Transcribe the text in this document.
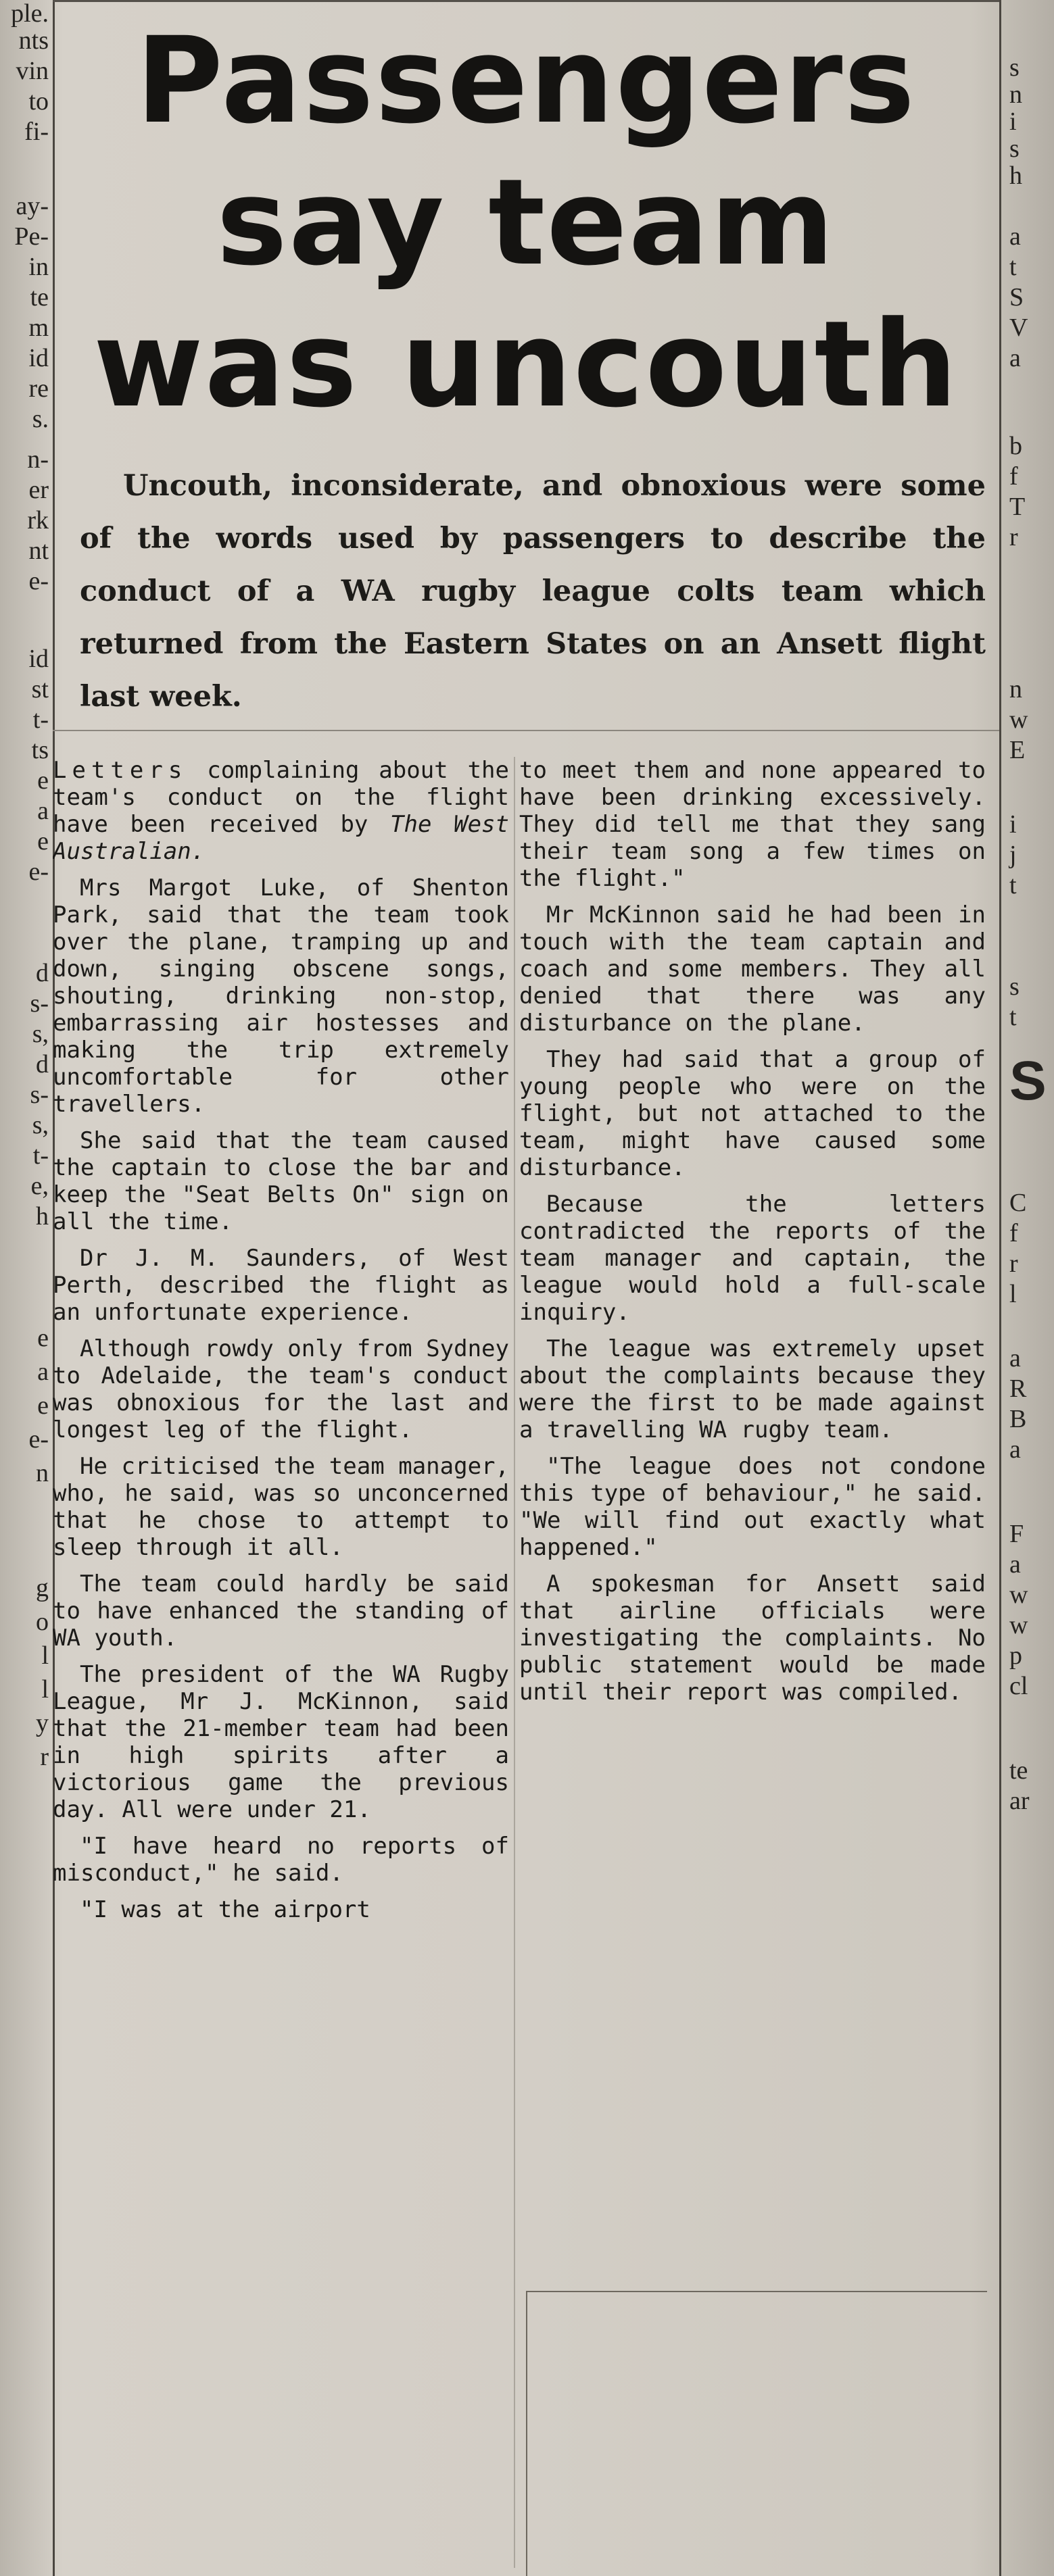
ple.
nts
vin
to
fi-
ay-
Pe-
in
te
m
id
re
s.
n-
er
rk
nt
e-
id
st
t-
ts
e
a
e
e-
d
s-
s,
d
s-
s,
t-
e,
h
e
a
e
e-
n
g
o
l
l
y
r
s
n
i
s
h
a
t
S
V
a
b
f
T
r
n
w
E
i
j
t
s
t
S
C
f
r
l
a
R
B
a
F
a
w
w
p
cl
te
ar
Passengers
say team
was uncouth

Uncouth, inconsiderate, and obnoxious were some of the words used by passengers to describe the conduct of a WA rugby league colts team which returned from the Eastern States on an Ansett flight last week.

Letters complaining about the team's conduct on the flight have been received by The West Australian.

Mrs Margot Luke, of Shenton Park, said that the team took over the plane, tramping up and down, singing obscene songs, shouting, drinking non-stop, embarrassing air hostesses and making the trip extremely uncomfortable for other travellers.

She said that the team caused the captain to close the bar and keep the "Seat Belts On" sign on all the time.

Dr J. M. Saunders, of West Perth, described the flight as an unfortunate experience.

Although rowdy only from Sydney to Adelaide, the team's conduct was obnoxious for the last and longest leg of the flight.

He criticised the team manager, who, he said, was so unconcerned that he chose to attempt to sleep through it all.

The team could hardly be said to have enhanced the standing of WA youth.

The president of the WA Rugby League, Mr J. McKinnon, said that the 21-member team had been in high spirits after a victorious game the previous day. All were under 21.

"I have heard no reports of misconduct," he said.

"I was at the airport

to meet them and none appeared to have been drinking excessively. They did tell me that they sang their team song a few times on the flight."

Mr McKinnon said he had been in touch with the team captain and coach and some members. They all denied that there was any disturbance on the plane.

They had said that a group of young people who were on the flight, but not attached to the team, might have caused some disturbance.

Because the letters contradicted the reports of the team manager and captain, the league would hold a full-scale inquiry.

The league was extremely upset about the complaints because they were the first to be made against a travelling WA rugby team.

"The league does not condone this type of behaviour," he said. "We will find out exactly what happened."

A spokesman for Ansett said that airline officials were investigating the complaints. No public statement would be made until their report was compiled.
